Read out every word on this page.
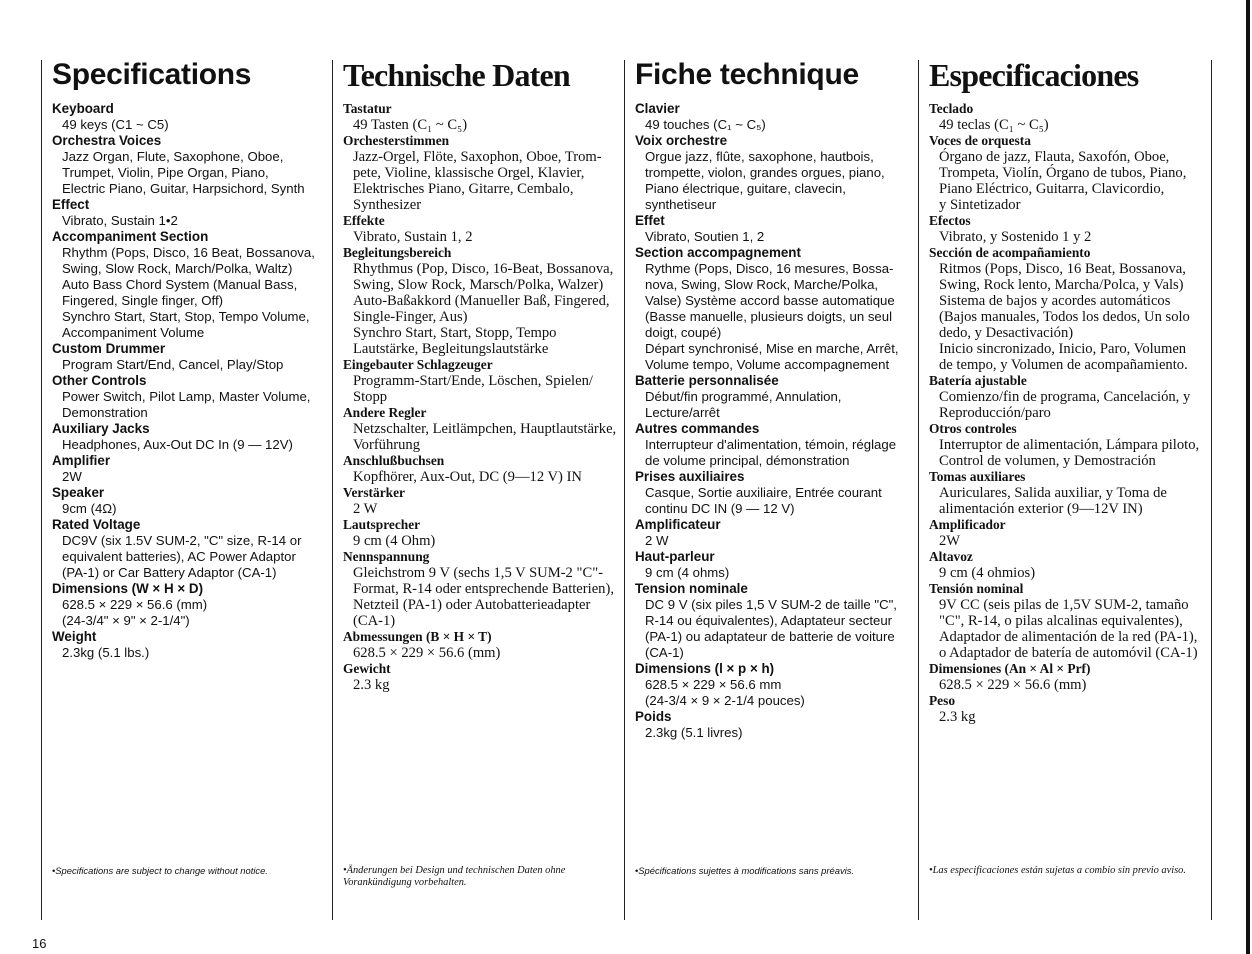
Specifications
Keyboard
49 keys (C1 ~ C5)
Orchestra Voices
Jazz Organ, Flute, Saxophone, Oboe,
Trumpet, Violin, Pipe Organ, Piano,
Electric Piano, Guitar, Harpsichord, Synth
Effect
Vibrato, Sustain 1•2
Accompaniment Section
Rhythm (Pops, Disco, 16 Beat, Bossanova,
Swing, Slow Rock, March/Polka, Waltz)
Auto Bass Chord System (Manual Bass,
Fingered, Single finger, Off)
Synchro Start, Start, Stop, Tempo Volume,
Accompaniment Volume
Custom Drummer
Program Start/End, Cancel, Play/Stop
Other Controls
Power Switch, Pilot Lamp, Master Volume,
Demonstration
Auxiliary Jacks
Headphones, Aux-Out DC In (9 — 12V)
Amplifier
2W
Speaker
9cm (4Ω)
Rated Voltage
DC9V (six 1.5V SUM-2, "C" size, R-14 or
equivalent batteries), AC Power Adaptor
(PA-1) or Car Battery Adaptor (CA-1)
Dimensions (W × H × D)
628.5 × 229 × 56.6 (mm)
(24-3/4" × 9" × 2-1/4")
Weight
2.3kg (5.1 lbs.)
•Specifications are subject to change without notice.
Technische Daten
Tastatur
49 Tasten (C₁ ~ C₅)
Orchesterstimmen
Jazz-Orgel, Flöte, Saxophon, Oboe, Trom-
pete, Violine, klassische Orgel, Klavier,
Elektrisches Piano, Gitarre, Cembalo,
Synthesizer
Effekte
Vibrato, Sustain 1, 2
Begleitungsbereich
Rhythmus (Pop, Disco, 16-Beat, Bossanova,
Swing, Slow Rock, Marsch/Polka, Walzer)
Auto-Baßakkord (Manueller Baß, Fingered,
Single-Finger, Aus)
Synchro Start, Start, Stopp, Tempo
Lautstärke, Begleitungslautstärke
Eingebauter Schlagzeuger
Programm-Start/Ende, Löschen, Spielen/
Stopp
Andere Regler
Netzschalter, Leitlämpchen, Hauptlautstärke,
Vorführung
Anschlußbuchsen
Kopfhörer, Aux-Out, DC (9—12 V) IN
Verstärker
2 W
Lautsprecher
9 cm (4 Ohm)
Nennspannung
Gleichstrom 9 V (sechs 1,5 V SUM-2 "C"-
Format, R-14 oder entsprechende Batterien),
Netzteil (PA-1) oder Autobatterieadapter
(CA-1)
Abmessungen (B × H × T)
628.5 × 229 × 56.6 (mm)
Gewicht
2.3 kg
•Änderungen bei Design und technischen Daten ohne Vorankündigung vorbehalten.
Fiche technique
Clavier
49 touches (C₁ ~ C₅)
Voix orchestre
Orgue jazz, flûte, saxophone, hautbois,
trompette, violon, grandes orgues, piano,
Piano électrique, guitare, clavecin,
synthetiseur
Effet
Vibrato, Soutien 1, 2
Section accompagnement
Rythme (Pops, Disco, 16 mesures, Bossa-
nova, Swing, Slow Rock, Marche/Polka,
Valse) Système accord basse automatique
(Basse manuelle, plusieurs doigts, un seul
doigt, coupé)
Départ synchronisé, Mise en marche, Arrêt,
Volume tempo, Volume accompagnement
Batterie personnalisée
Début/fin programmé, Annulation,
Lecture/arrêt
Autres commandes
Interrupteur d'alimentation, témoin, réglage
de volume principal, démonstration
Prises auxiliaires
Casque, Sortie auxiliaire, Entrée courant
continu DC IN (9 — 12 V)
Amplificateur
2 W
Haut-parleur
9 cm (4 ohms)
Tension nominale
DC 9 V (six piles 1,5 V SUM-2 de taille "C",
R-14 ou équivalentes), Adaptateur secteur
(PA-1) ou adaptateur de batterie de voiture
(CA-1)
Dimensions (l × p × h)
628.5 × 229 × 56.6 mm
(24-3/4 × 9 × 2-1/4 pouces)
Poids
2.3kg (5.1 livres)
•Spécifications sujettes à modifications sans préavis.
Especificaciones
Teclado
49 teclas (C₁ ~ C₅)
Voces de orquesta
Órgano de jazz, Flauta, Saxofón, Oboe,
Trompeta, Violín, Órgano de tubos, Piano,
Piano Eléctrico, Guitarra, Clavicordio,
y Sintetizador
Efectos
Vibrato, y Sostenido 1 y 2
Sección de acompañamiento
Ritmos (Pops, Disco, 16 Beat, Bossanova,
Swing, Rock lento, Marcha/Polca, y Vals)
Sistema de bajos y acordes automáticos
(Bajos manuales, Todos los dedos, Un solo
dedo, y Desactivación)
Inicio sincronizado, Inicio, Paro, Volumen
de tempo, y Volumen de acompañamiento.
Batería ajustable
Comienzo/fin de programa, Cancelación, y
Reproducción/paro
Otros controles
Interruptor de alimentación, Lámpara piloto,
Control de volumen, y Demostración
Tomas auxiliares
Auriculares, Salida auxiliar, y Toma de
alimentación exterior (9—12V IN)
Amplificador
2W
Altavoz
9 cm (4 ohmios)
Tensión nominal
9V CC (seis pilas de 1,5V SUM-2, tamaño
"C", R-14, o pilas alcalinas equivalentes),
Adaptador de alimentación de la red (PA-1),
o Adaptador de batería de automóvil (CA-1)
Dimensiones (An × Al × Prf)
628.5 × 229 × 56.6 (mm)
Peso
2.3 kg
•Las especificaciones están sujetas a combio sin previo aviso.
16
